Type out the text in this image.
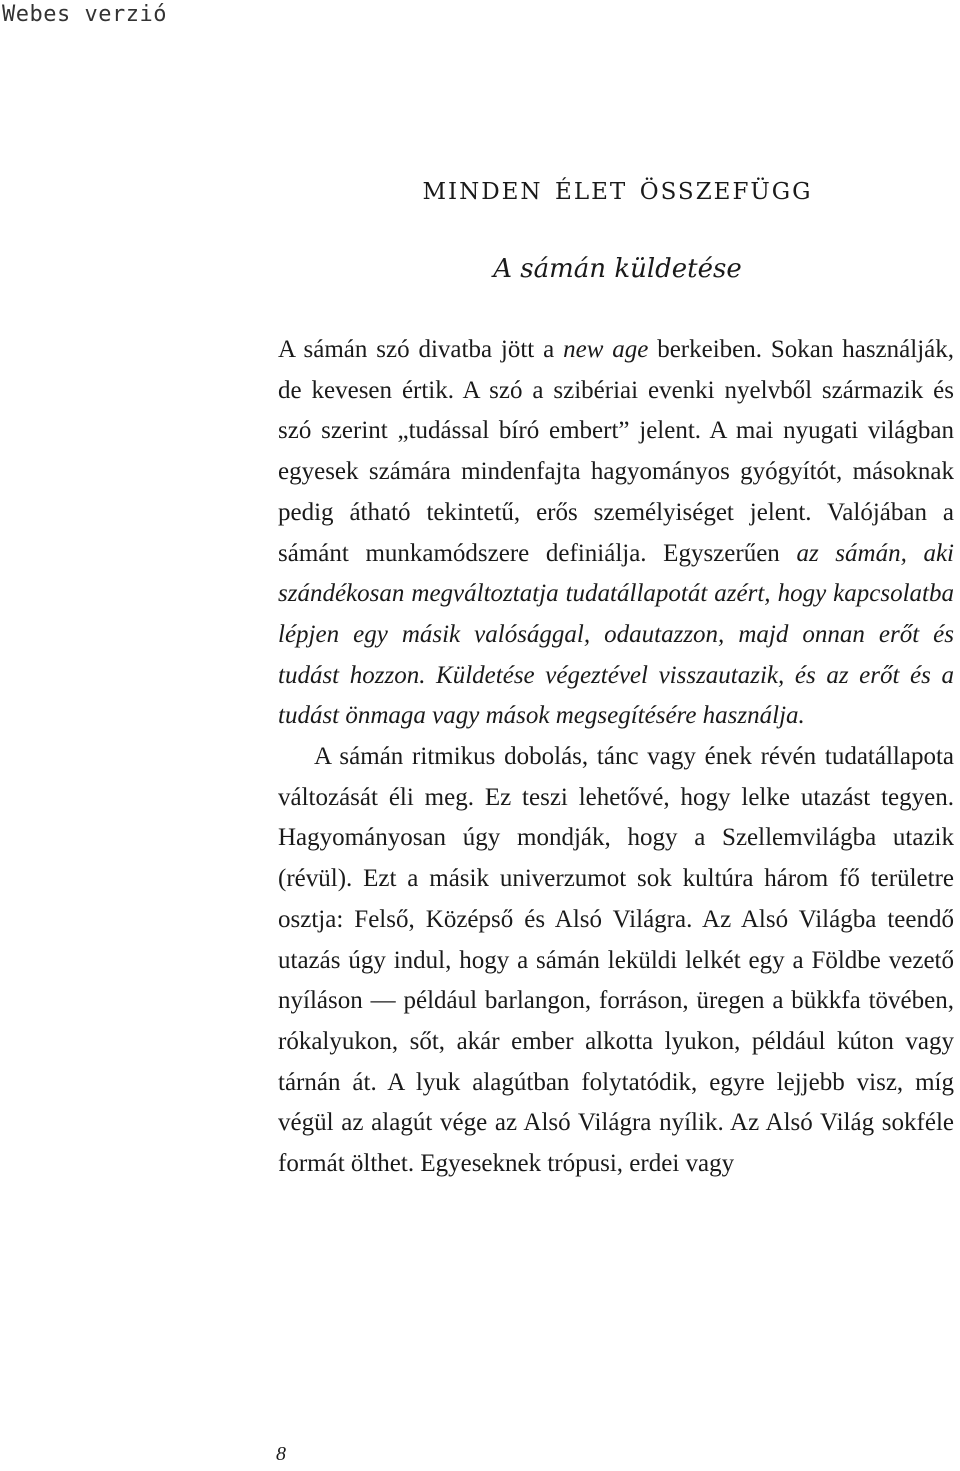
Webes verzió
minden élet összefügg
A sámán küldetése

A sámán szó divatba jött a new age berkeiben. Sokan használják, de kevesen értik. A szó a szibériai evenki nyelvből származik és szó szerint „tudással bíró embert” jelent. A mai nyugati világban egyesek számára mindenfajta hagyományos gyógyítót, másoknak pedig átható tekintetű, erős személyiséget jelent. Valójában a sámánt munkamódszere definiálja. Egyszerűen az sámán, aki szándékosan megváltoztatja tudatállapotát azért, hogy kapcsolatba lépjen egy másik valósággal, odautazzon, majd onnan erőt és tudást hozzon. Küldetése végeztével visszautazik, és az erőt és a tudást önmaga vagy mások megsegítésére használja.

A sámán ritmikus dobolás, tánc vagy ének révén tudatállapota változását éli meg. Ez teszi lehetővé, hogy lelke utazást tegyen. Hagyományosan úgy mondják, hogy a Szellemvilágba utazik (révül). Ezt a másik univerzumot sok kultúra három fő területre osztja: Felső, Középső és Alsó Világra. Az Alsó Világba teendő utazás úgy indul, hogy a sámán leküldi lelkét egy a Földbe vezető nyíláson — például barlangon, forráson, üregen a bükkfa tövében, rókalyukon, sőt, akár ember alkotta lyukon, például kúton vagy tárnán át. A lyuk alagútban folytatódik, egyre lejjebb visz, míg végül az alagút vége az Alsó Világra nyílik. Az Alsó Világ sokféle formát ölthet. Egyeseknek trópusi, erdei vagy

8
